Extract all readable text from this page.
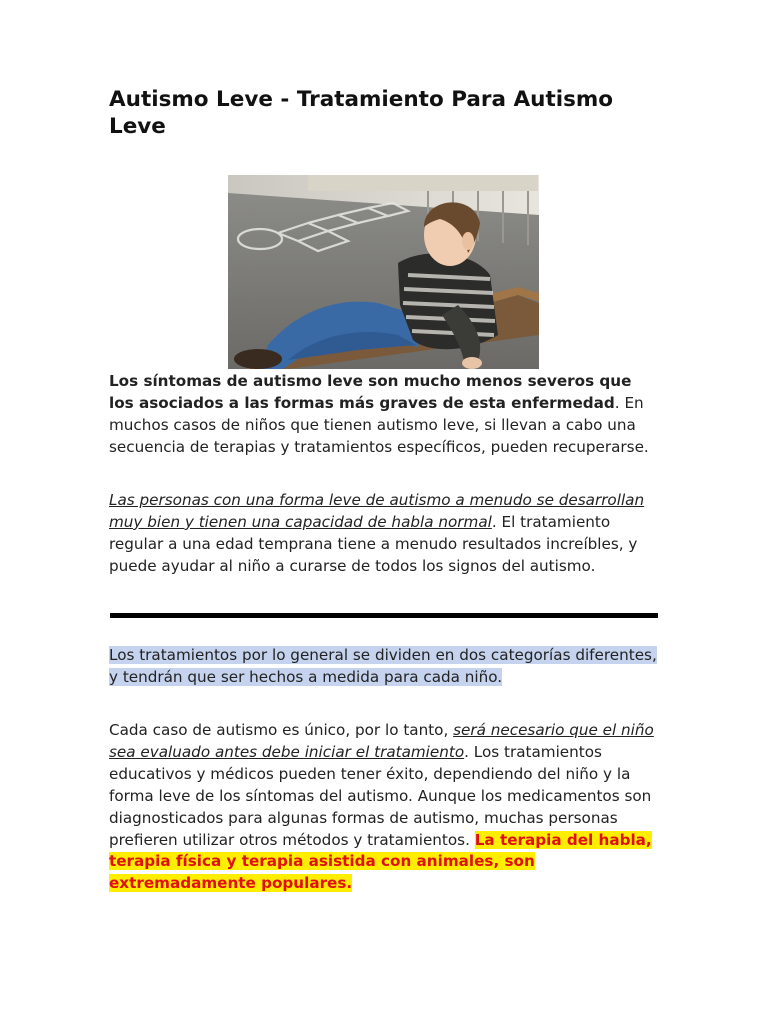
Autismo Leve - Tratamiento Para Autismo Leve

Los síntomas de autismo leve son mucho menos severos que los asociados a las formas más graves de esta enfermedad. En muchos casos de niños que tienen autismo leve, si llevan a cabo una secuencia de terapias y tratamientos específicos, pueden recuperarse.

Las personas con una forma leve de autismo a menudo se desarrollan muy bien y tienen una capacidad de habla normal. El tratamiento regular a una edad temprana tiene a menudo resultados increíbles, y puede ayudar al niño a curarse de todos los signos del autismo.

Los tratamientos por lo general se dividen en dos categorías diferentes, y tendrán que ser hechos a medida para cada niño.

Cada caso de autismo es único, por lo tanto, será necesario que el niño sea evaluado antes debe iniciar el tratamiento. Los tratamientos educativos y médicos pueden tener éxito, dependiendo del niño y la forma leve de los síntomas del autismo. Aunque los medicamentos son diagnosticados para algunas formas de autismo, muchas personas prefieren utilizar otros métodos y tratamientos. La terapia del habla, terapia física y terapia asistida con animales, son extremadamente populares.
